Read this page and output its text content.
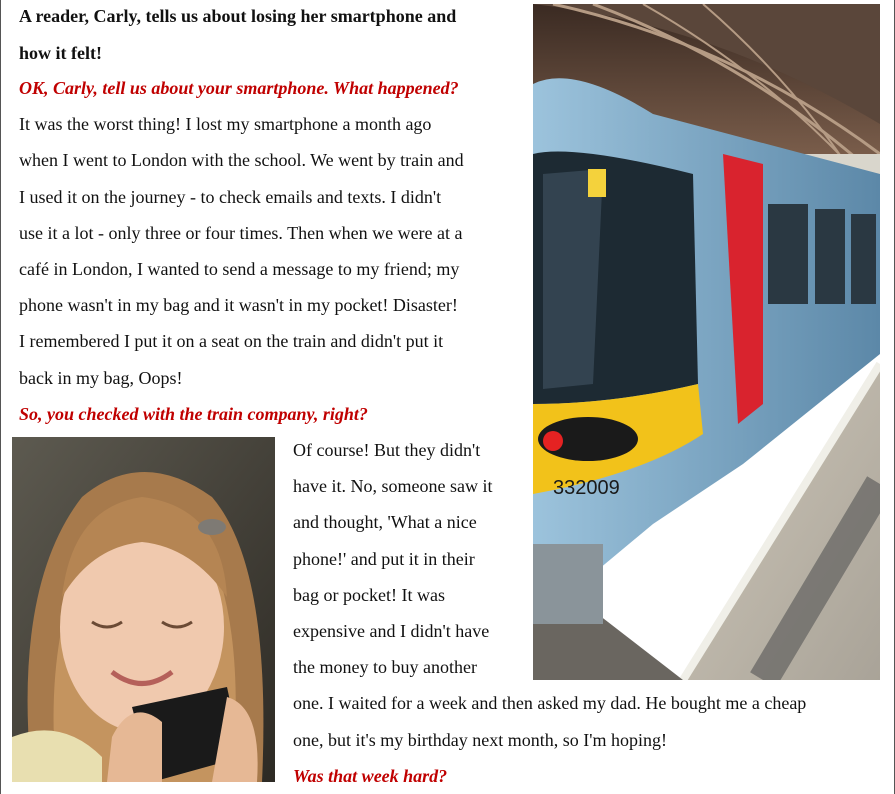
A reader, Carly, tells us about losing her smartphone and
how it felt!
OK, Carly, tell us about your smartphone. What happened?
It was the worst thing! I lost my smartphone a month ago
when I went to London with the school. We went by train and
I used it on the journey - to check emails and texts. I didn't
use it a lot - only three or four times. Then when we were at a
café in London, I wanted to send a message to my friend; my
phone wasn't in my bag and it wasn't in my pocket! Disaster!
I remembered I put it on a seat on the train and didn't put it
back in my bag, Oops!
So, you checked with the train company, right?
Of course! But they didn't
have it. No, someone saw it
and thought, 'What a nice
phone!' and put it in their
bag or pocket! It was
expensive and I didn't have
the money to buy another
one. I waited for a week and then asked my dad. He bought me a cheap
one, but it's my birthday next month, so I'm hoping!
Was that week hard?
332009
